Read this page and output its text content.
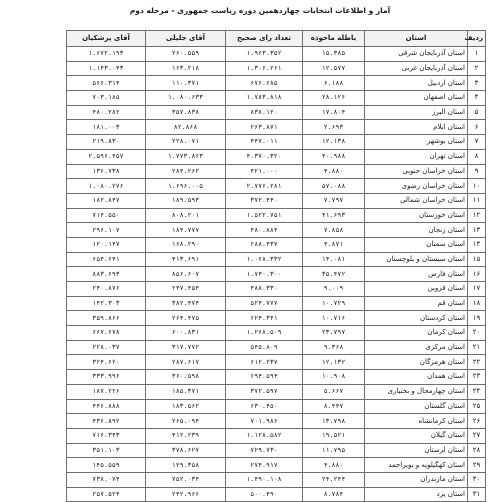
آمار و اطلاعات انتخابات چهاردهمین دوره ریاست جمهوری - مرحله دوم
ردیف	استان	باطله ماخوذه	تعداد رای صحیح	آقای جلیلی	آقای پزشکیان
۱	استان آذربایجان شرقی	۱۵.۳۸۵	۱.۹۶۳.۳۵۲	۲۶۰.۵۵۹	۱.۶۷۲.۱۹۳
۲	استان آذربایجان غربی	۱۲.۵۷۷	۱.۳۰۶.۲۶۱	۱۶۳.۲۱۸	۱.۱۴۳.۰۴۳
۳	استان اردبیل	۶.۱۸۸	۶۷۶.۶۸۵	۱۱۰.۳۷۱	۵۶۶.۳۱۴
۴	استان اصفهان	۲۸.۱۲۶	۱.۷۸۳.۸۱۸	۱.۰۸۰.۶۳۳	۷۰۳.۱۸۵
۵	استان البرز	۱۷.۸۰۴	۸۳۸.۱۲۰	۳۵۷.۸۳۸	۴۸۰.۲۸۲
۶	استان ایلام	۲.۶۹۳	۲۶۳.۸۷۱	۸۲.۸۶۸	۱۸۱.۰۰۳
۷	استان بوشهر	۱۲.۱۳۸	۴۴۷.۰۱۱	۲۲۸.۰۷۱	۲۱۹.۸۳۰
۸	استان تهران	۴۰.۹۸۸	۴.۳۷۰.۳۲۰	۱.۷۷۳.۸۶۳	۲.۵۹۶.۴۵۷
۹	استان خراسان جنوبی	۴.۸۸۰	۴۲۱.۰۰۰	۲۸۴.۲۶۲	۱۳۶.۷۳۸
۱۰	استان خراسان رضوی	۵۷.۰۸۸	۲.۷۷۶.۲۸۱	۱.۶۹۶.۰۰۵	۱.۰۸۰.۲۷۶
۱۱	استان خراسان شمالی	۷.۷۹۷	۳۷۲.۴۴۰	۱۸۹.۵۹۳	۱۸۲.۸۴۷
۱۲	استان خوزستان	۴۱.۶۹۳	۱.۵۲۲.۷۵۱	۸۰۸.۲۰۱	۷۱۴.۵۵۰
۱۳	استان زنجان	۷.۸۵۸	۴۸۰.۸۸۴	۱۸۴.۷۷۷	۲۹۶.۱۰۷
۱۴	استان سمنان	۴.۸۷۱	۲۸۸.۴۳۷	۱۶۸.۲۹۰	۱۲۰.۱۴۷
۱۵	استان سیستان و بلوچستان	۱۴.۰۸۱	۱.۰۶۸.۳۳۲	۴۱۳.۶۹۱	۶۵۴.۶۴۱
۱۶	استان فارس	۳۵.۴۷۲	۱.۷۴۰.۳۰۰	۸۵۶.۶۰۷	۸۸۳.۶۹۳
۱۷	استان قزوین	۹.۰۰۹	۴۸۸.۳۳۰	۲۴۷.۴۵۴	۲۴۰.۸۷۶
۱۸	استان قم	۱۰.۷۲۹	۵۲۴.۷۷۷	۳۸۲.۴۷۴	۱۴۲.۳۰۳
۱۹	استان کردستان	۱۰.۷۱۶	۶۲۴.۳۴۱	۲۶۴.۴۷۵	۳۵۹.۸۶۶
۲۰	استان کرمان	۲۳.۷۹۷	۱.۲۶۸.۵۰۹	۶۰۰.۸۳۱	۶۶۷.۶۷۸
۲۱	استان مرکزی	۹.۳۶۸	۵۴۵.۸۰۹	۳۱۷.۷۷۲	۲۲۸.۰۳۷
۲۲	استان هرمزگان	۱۲.۱۳۲	۶۱۲.۲۳۷	۲۸۷.۶۱۷	۳۲۴.۶۲۰
۲۳	استان همدان	۱۰.۹۰۸	۶۹۴.۵۹۴	۳۶۰.۵۹۸	۳۳۳.۹۹۶
۲۴	استان چهارمحال و بختیاری	۵.۶۶۷	۳۷۲.۵۹۷	۱۸۵.۳۷۱	۱۸۷.۲۲۶
۲۵	استان گلستان	۸.۴۴۷	۶۳۰.۴۵۰	۱۸۳.۵۶۲	۴۴۶.۸۸۸
۲۶	استان کرمانشاه	۱۳.۷۹۸	۷۰۱.۹۸۶	۲۶۵.۰۹۴	۴۳۶.۸۹۲
۲۷	استان گیلان	۱۹.۵۲۱	۱.۱۲۸.۵۸۲	۴۱۲.۲۳۹	۷۱۶.۳۴۳
۲۸	استان لرستان	۱۱.۷۹۵	۷۲۹.۷۳۰	۳۷۸.۶۲۷	۳۵۱.۱۰۳
۲۹	استان کهگیلویه و بویراحمد	۴.۸۸۰	۲۷۴.۹۱۷	۱۲۹.۳۵۸	۱۴۵.۵۵۹
۳۰	استان مازندران	۲۴.۲۴۴	۱.۴۹۰.۱۰۸	۷۵۲.۰۳۴	۷۳۸.۰۷۴
۳۱	استان یزد	۸.۷۸۴	۵۰۰.۴۹۰	۲۴۲.۹۶۶	۲۵۷.۵۲۴
